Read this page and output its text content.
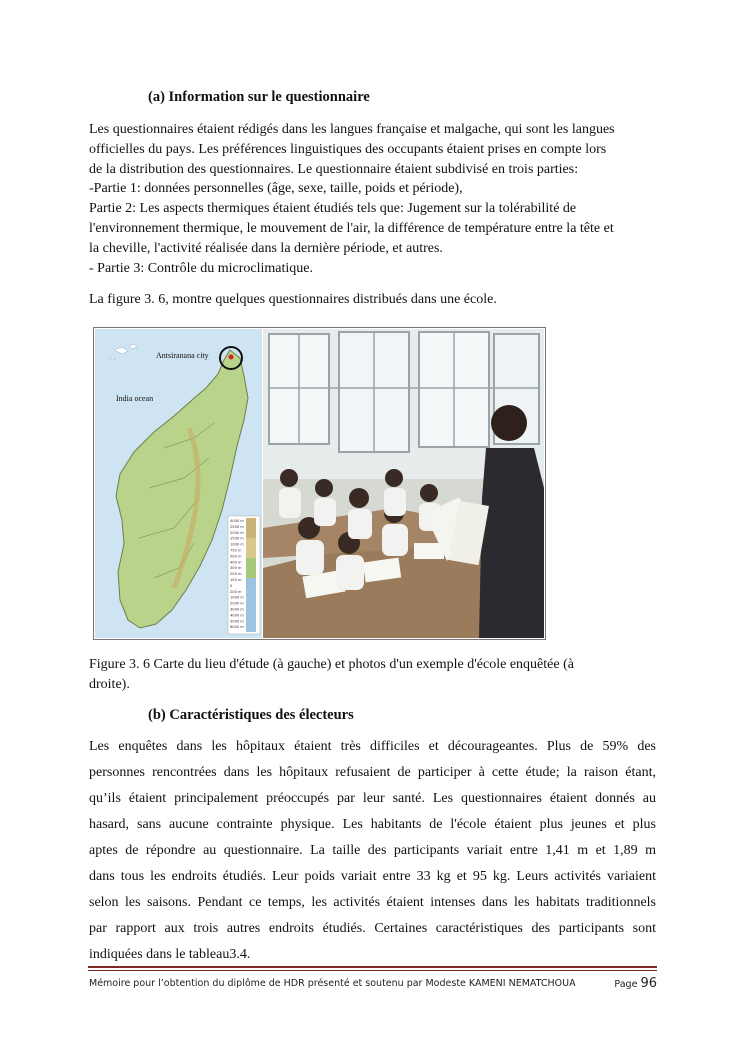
(a) Information sur le questionnaire

Les questionnaires étaient rédigés dans les langues française et malgache, qui sont les langues
officielles du pays. Les préférences linguistiques des occupants étaient prises en compte lors
de la distribution des questionnaires. Le questionnaire étaient subdivisé en trois parties:
-Partie 1: données personnelles (âge, sexe, taille, poids et période),
Partie 2: Les aspects thermiques étaient étudiés tels que: Jugement sur la tolérabilité de
l'environnement thermique, le mouvement de l'air, la différence de température entre la tête et
la cheville, l'activité réalisée dans la dernière période, et autres.
- Partie 3: Contrôle du microclimatique.

La figure 3. 6, montre quelques questionnaires distribués dans une école.

Antsiranana city
India ocean
4000 m
2500 m
2000 m
1500 m
1000 m
750 m
500 m
400 m
300 m
200 m
100 m
0
200 m
1000 m
2000 m
3000 m
4000 m
5000 m
6000 m

Figure 3. 6 Carte du lieu d'étude (à gauche) et photos d'un exemple d'école enquêtée (à
droite).

(b) Caractéristiques des électeurs

Les enquêtes dans les hôpitaux étaient très difficiles et décourageantes. Plus de 59% des
personnes rencontrées dans les hôpitaux refusaient de participer à cette étude; la raison étant,
qu’ils étaient principalement préoccupés par leur santé. Les questionnaires étaient donnés au
hasard, sans aucune contrainte physique. Les habitants de l'école étaient plus jeunes et plus
aptes de répondre au questionnaire. La taille des participants variait entre 1,41 m et 1,89 m
dans tous les endroits étudiés. Leur poids variait entre 33 kg et 95 kg. Leurs activités variaient
selon les saisons. Pendant ce temps, les activités étaient intenses dans les habitats traditionnels
par rapport aux trois autres endroits étudiés. Certaines caractéristiques des participants sont
indiquées dans le tableau3.4.

Mémoire pour l’obtention du diplôme de HDR présenté et soutenu par Modeste KAMENI NEMATCHOUA	Page 96
